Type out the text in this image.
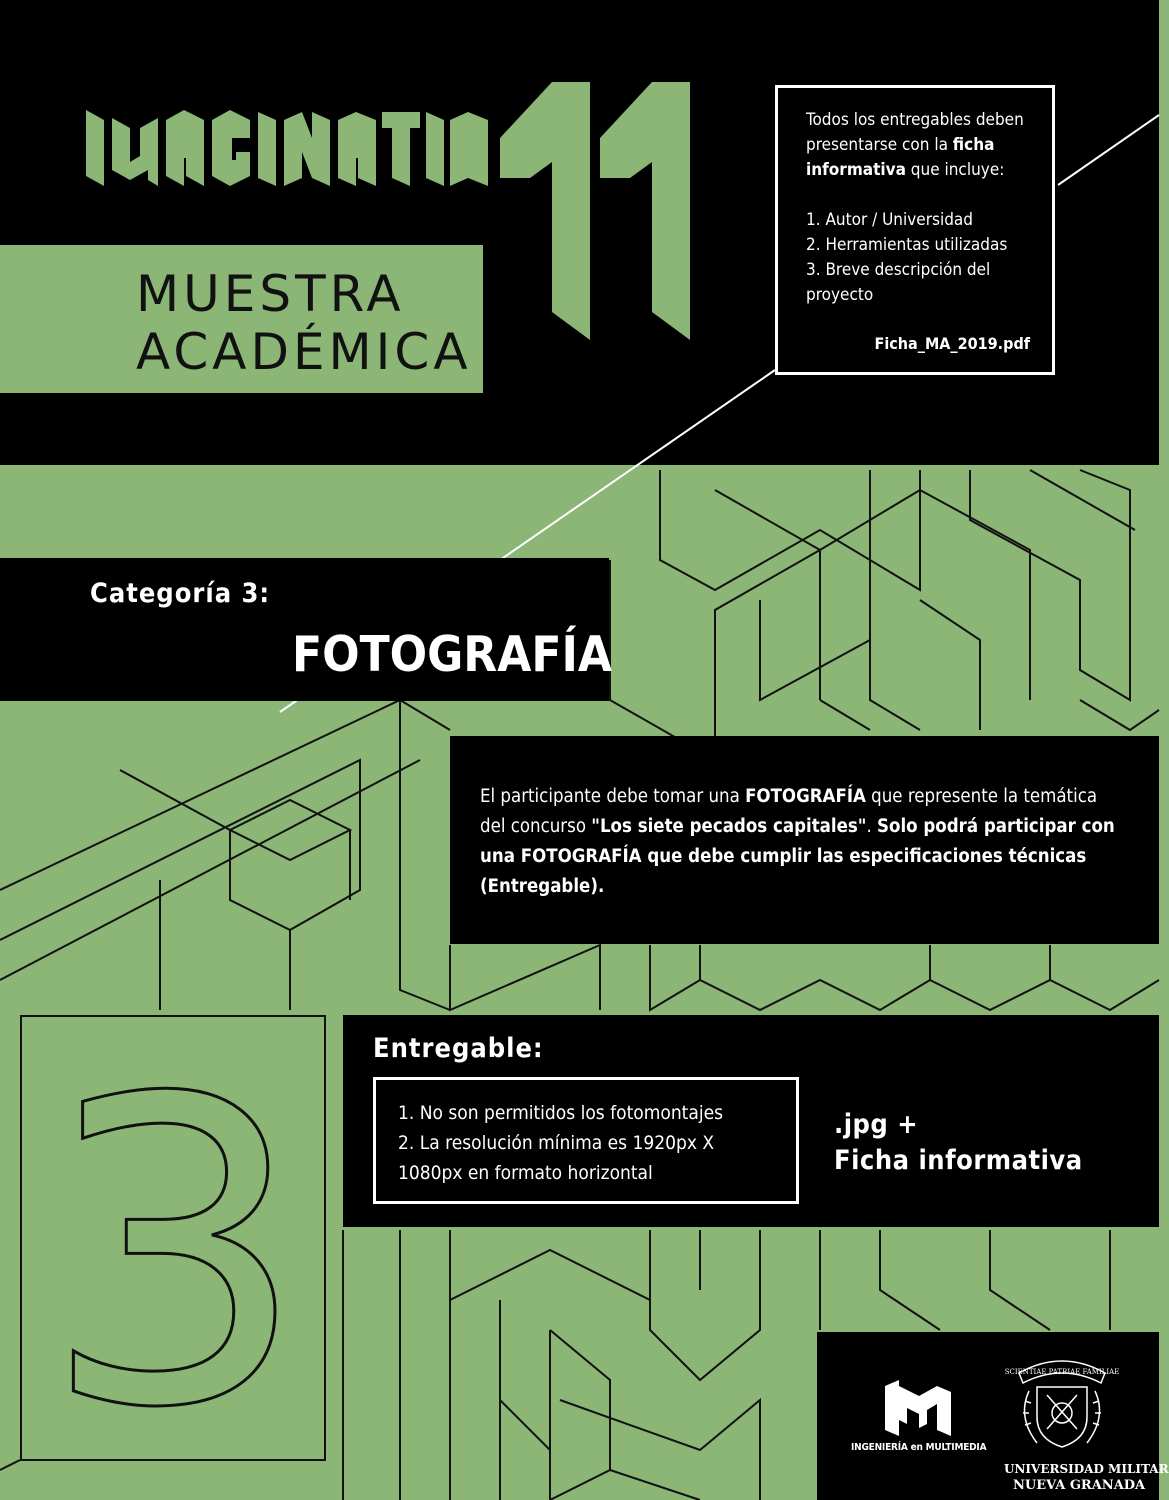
MUESTRA
ACADÉMICA
Todos los entregables deben
presentarse con la ficha
informativa que incluye:
1. Autor / Universidad
2. Herramientas utilizadas
3. Breve descripción del
proyecto
Ficha_MA_2019.pdf
Categoría 3:
FOTOGRAFÍA
El participante debe tomar una FOTOGRAFÍA que represente la temática del concurso "Los siete pecados capitales". Solo podrá participar con una FOTOGRAFÍA que debe cumplir las especificaciones técnicas (Entregable).
3 Entregable:
1. No son permitidos los fotomontajes
2. La resolución mínima es 1920px X
1080px en formato horizontal
.jpg +
Ficha informativa
INGENIERÍA en MULTIMEDIA
SCIENTIAE PATRIAE FAMILIAE
UNIVERSIDAD MILITAR
NUEVA GRANADA
